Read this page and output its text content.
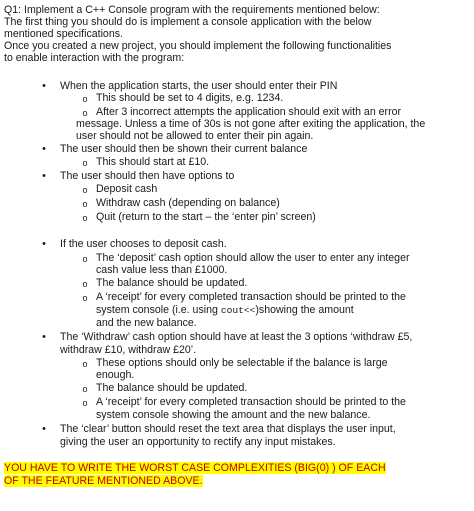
Q1: Implement a C++ Console program with the requirements mentioned below:
The first thing you should do is implement a console application with the below
mentioned specifications.
Once you created a new project, you should implement the following functionalities
to enable interaction with the program:
• When the application starts, the user should enter their PIN
o This should be set to 4 digits, e.g. 1234.
o After 3 incorrect attempts the application should exit with an error
message. Unless a time of 30s is not gone after exiting the application, the
user should not be allowed to enter their pin again.
• The user should then be shown their current balance
o This should start at £10.
• The user should then have options to
o Deposit cash
o Withdraw cash (depending on balance)
o Quit (return to the start – the ‘enter pin’ screen)
• If the user chooses to deposit cash.
o The ‘deposit’ cash option should allow the user to enter any integer
cash value less than £1000.
o The balance should be updated.
o A ‘receipt’ for every completed transaction should be printed to the
system console (i.e. using cout<<)showing the amount
and the new balance.
• The ‘Withdraw’ cash option should have at least the 3 options ‘withdraw £5,
withdraw £10, withdraw £20’.
o These options should only be selectable if the balance is large
enough.
o The balance should be updated.
o A ‘receipt’ for every completed transaction should be printed to the
system console showing the amount and the new balance.
• The ‘clear’ button should reset the text area that displays the user input,
giving the user an opportunity to rectify any input mistakes.
YOU HAVE TO WRITE THE WORST CASE COMPLEXITIES (BIG(0) ) OF EACH
OF THE FEATURE MENTIONED ABOVE.
